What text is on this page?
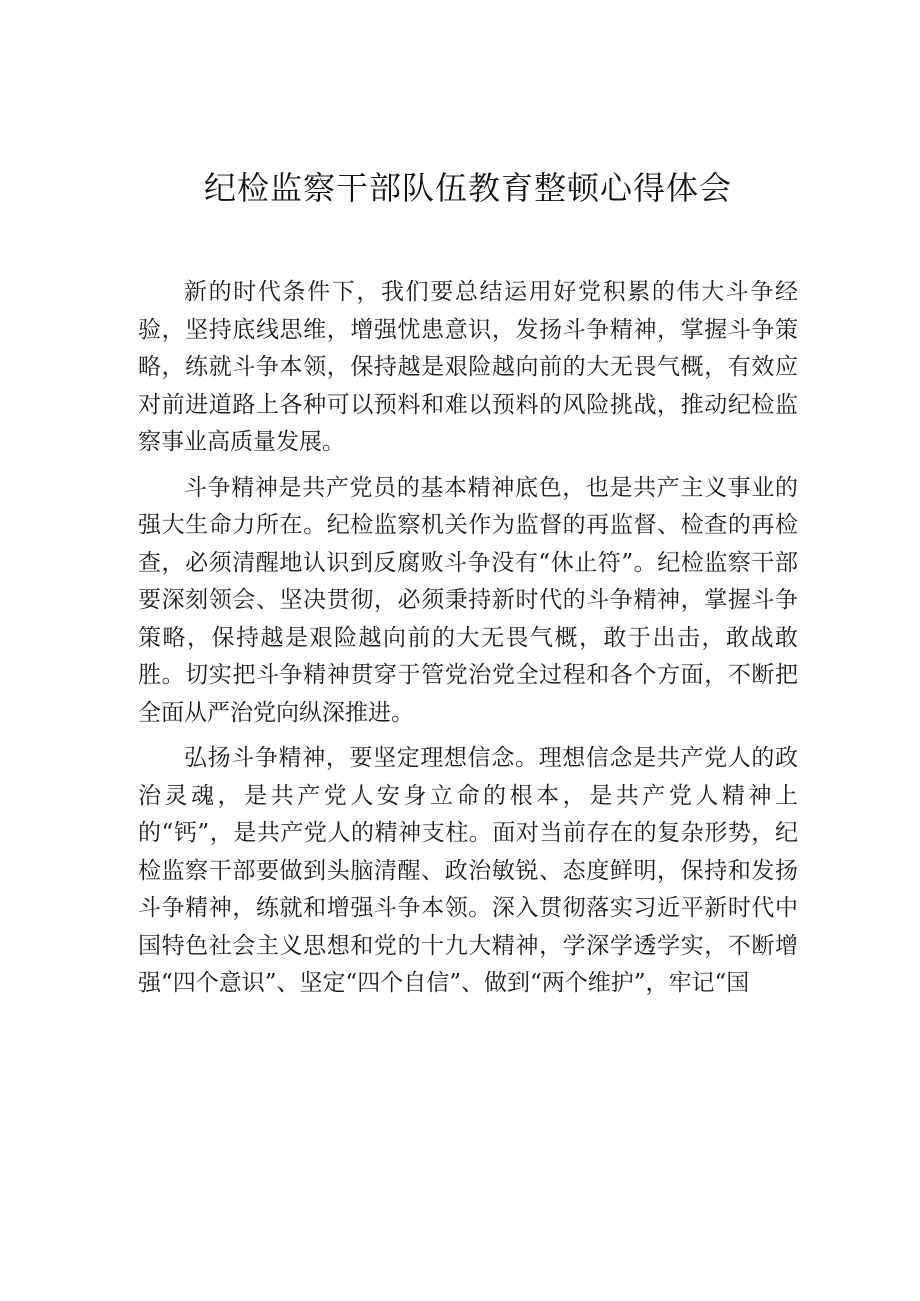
纪检监察干部队伍教育整顿心得体会

新的时代条件下，我们要总结运用好党积累的伟大斗争经验，坚持底线思维，增强忧患意识，发扬斗争精神，掌握斗争策略，练就斗争本领，保持越是艰险越向前的大无畏气概，有效应对前进道路上各种可以预料和难以预料的风险挑战，推动纪检监察事业高质量发展。

斗争精神是共产党员的基本精神底色，也是共产主义事业的强大生命力所在。纪检监察机关作为监督的再监督、检查的再检查，必须清醒地认识到反腐败斗争没有“休止符”。纪检监察干部要深刻领会、坚决贯彻，必须秉持新时代的斗争精神，掌握斗争策略，保持越是艰险越向前的大无畏气概，敢于出击，敢战敢胜。切实把斗争精神贯穿于管党治党全过程和各个方面，不断把全面从严治党向纵深推进。

弘扬斗争精神，要坚定理想信念。理想信念是共产党人的政治灵魂，是共产党人安身立命的根本，是共产党人精神上的“钙”，是共产党人的精神支柱。面对当前存在的复杂形势，纪检监察干部要做到头脑清醒、政治敏锐、态度鲜明，保持和发扬斗争精神，练就和增强斗争本领。深入贯彻落实习近平新时代中国特色社会主义思想和党的十九大精神，学深学透学实，不断增强“四个意识”、坚定“四个自信”、做到“两个维护”，牢记“国
